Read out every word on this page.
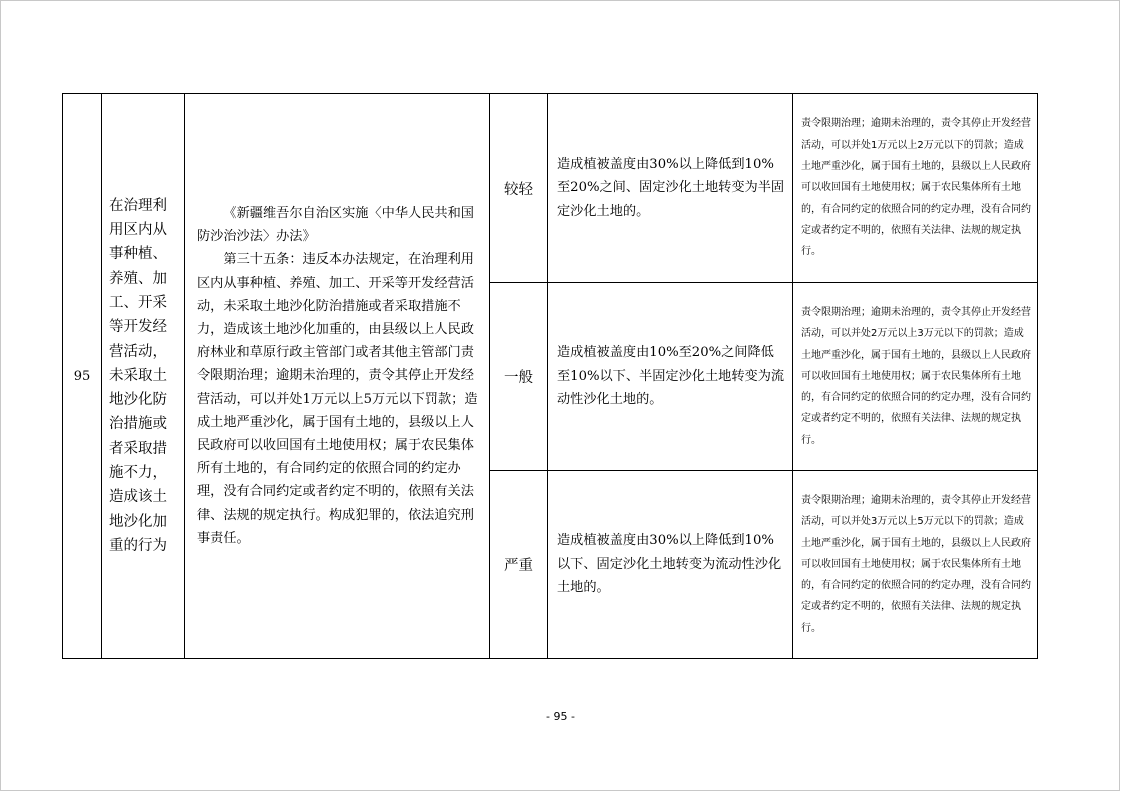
95	在治理利用区内从事种植、养殖、加工、开采等开发经营活动，未采取土地沙化防治措施或者采取措施不力，造成该土地沙化加重的行为	《新疆维吾尔自治区实施〈中华人民共和国防沙治沙法〉办法》

第三十五条：违反本办法规定，在治理利用区内从事种植、养殖、加工、开采等开发经营活动，未采取土地沙化防治措施或者采取措施不力，造成该土地沙化加重的，由县级以上人民政府林业和草原行政主管部门或者其他主管部门责令限期治理；逾期未治理的，责令其停止开发经营活动，可以并处1万元以上5万元以下罚款；造成土地严重沙化，属于国有土地的，县级以上人民政府可以收回国有土地使用权；属于农民集体所有土地的，有合同约定的依照合同的约定办理，没有合同约定或者约定不明的，依照有关法律、法规的规定执行。构成犯罪的，依法追究刑事责任。	较轻	造成植被盖度由30%以上降低到10%至20%之间、固定沙化土地转变为半固定沙化土地的。	责令限期治理；逾期未治理的，责令其停止开发经营活动，可以并处1万元以上2万元以下的罚款；造成土地严重沙化，属于国有土地的，县级以上人民政府可以收回国有土地使用权；属于农民集体所有土地的，有合同约定的依照合同的约定办理，没有合同约定或者约定不明的，依照有关法律、法规的规定执行。
			一般	造成植被盖度由10%至20%之间降低至10%以下、半固定沙化土地转变为流动性沙化土地的。	责令限期治理；逾期未治理的，责令其停止开发经营活动，可以并处2万元以上3万元以下的罚款；造成土地严重沙化，属于国有土地的，县级以上人民政府可以收回国有土地使用权；属于农民集体所有土地的，有合同约定的依照合同的约定办理，没有合同约定或者约定不明的，依照有关法律、法规的规定执行。
			严重	造成植被盖度由30%以上降低到10%以下、固定沙化土地转变为流动性沙化土地的。	责令限期治理；逾期未治理的，责令其停止开发经营活动，可以并处3万元以上5万元以下的罚款；造成土地严重沙化，属于国有土地的，县级以上人民政府可以收回国有土地使用权；属于农民集体所有土地的，有合同约定的依照合同的约定办理，没有合同约定或者约定不明的，依照有关法律、法规的规定执行。
- 95 -
